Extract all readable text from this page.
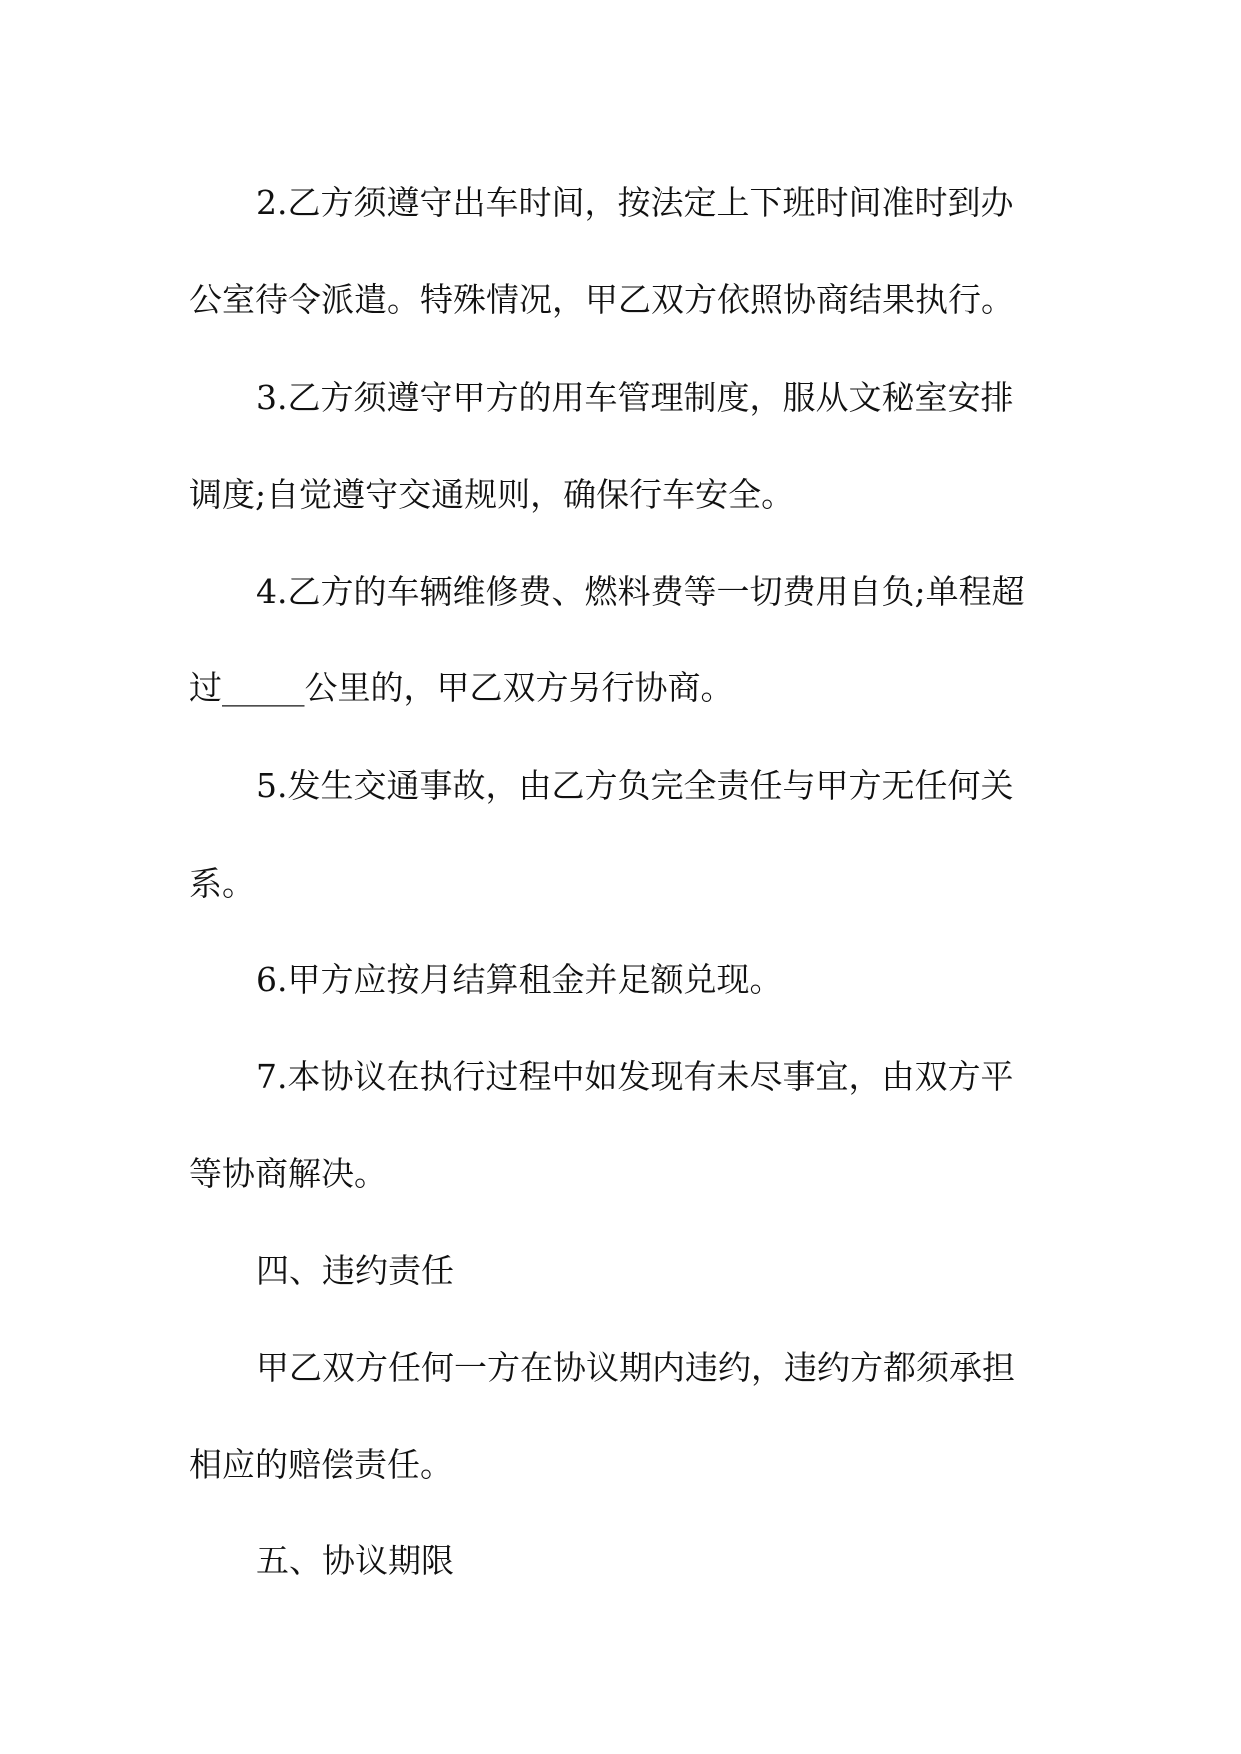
2.乙方须遵守出车时间，按法定上下班时间准时到办

公室待令派遣。特殊情况，甲乙双方依照协商结果执行。

3.乙方须遵守甲方的用车管理制度，服从文秘室安排

调度;自觉遵守交通规则，确保行车安全。

4.乙方的车辆维修费、燃料费等一切费用自负;单程超

过_____公里的，甲乙双方另行协商。

5.发生交通事故，由乙方负完全责任与甲方无任何关

系。

6.甲方应按月结算租金并足额兑现。

7.本协议在执行过程中如发现有未尽事宜，由双方平

等协商解决。

四、违约责任

甲乙双方任何一方在协议期内违约，违约方都须承担

相应的赔偿责任。

五、协议期限
